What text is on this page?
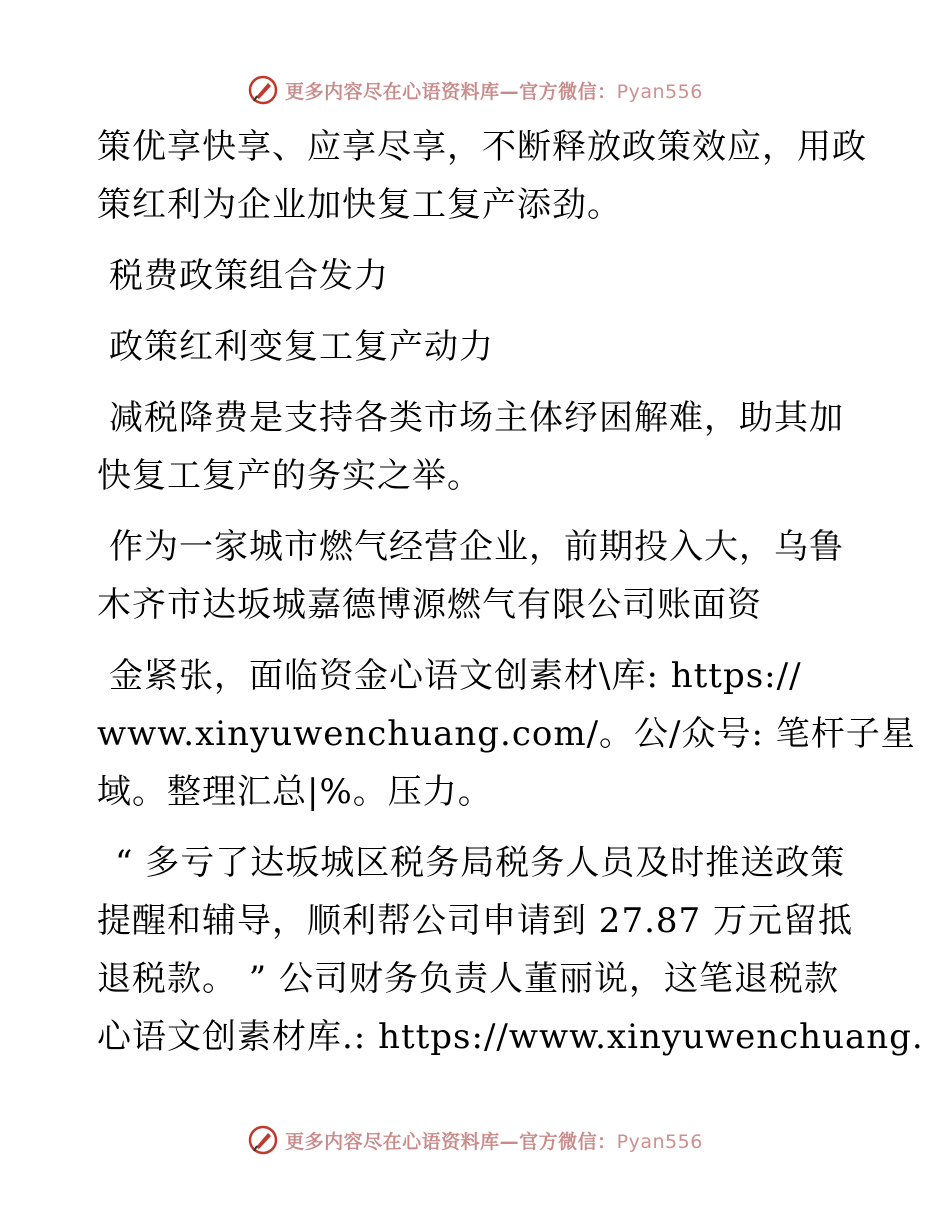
更多内容尽在心语资料库—官方微信：Pyan556
策优享快享、应享尽享，不断释放政策效应，用政
策红利为企业加快复工复产添劲。
税费政策组合发力
政策红利变复工复产动力
减税降费是支持各类市场主体纾困解难，助其加
快复工复产的务实之举。
作为一家城市燃气经营企业，前期投入大，乌鲁
木齐市达坂城嘉德博源燃气有限公司账面资
金紧张，面临资金心语文创素材\库: https://
www.xinyuwenchuang.com/。公/众号: 笔杆子星
域。整理汇总|%。压力。
“ 多亏了达坂城区税务局税务人员及时推送政策
提醒和辅导，顺利帮公司申请到 27.87 万元留抵
退税款。 ” 公司财务负责人董丽说，这笔退税款
心语文创素材库.: https://www.xinyuwenchuang.
更多内容尽在心语资料库—官方微信：Pyan556
